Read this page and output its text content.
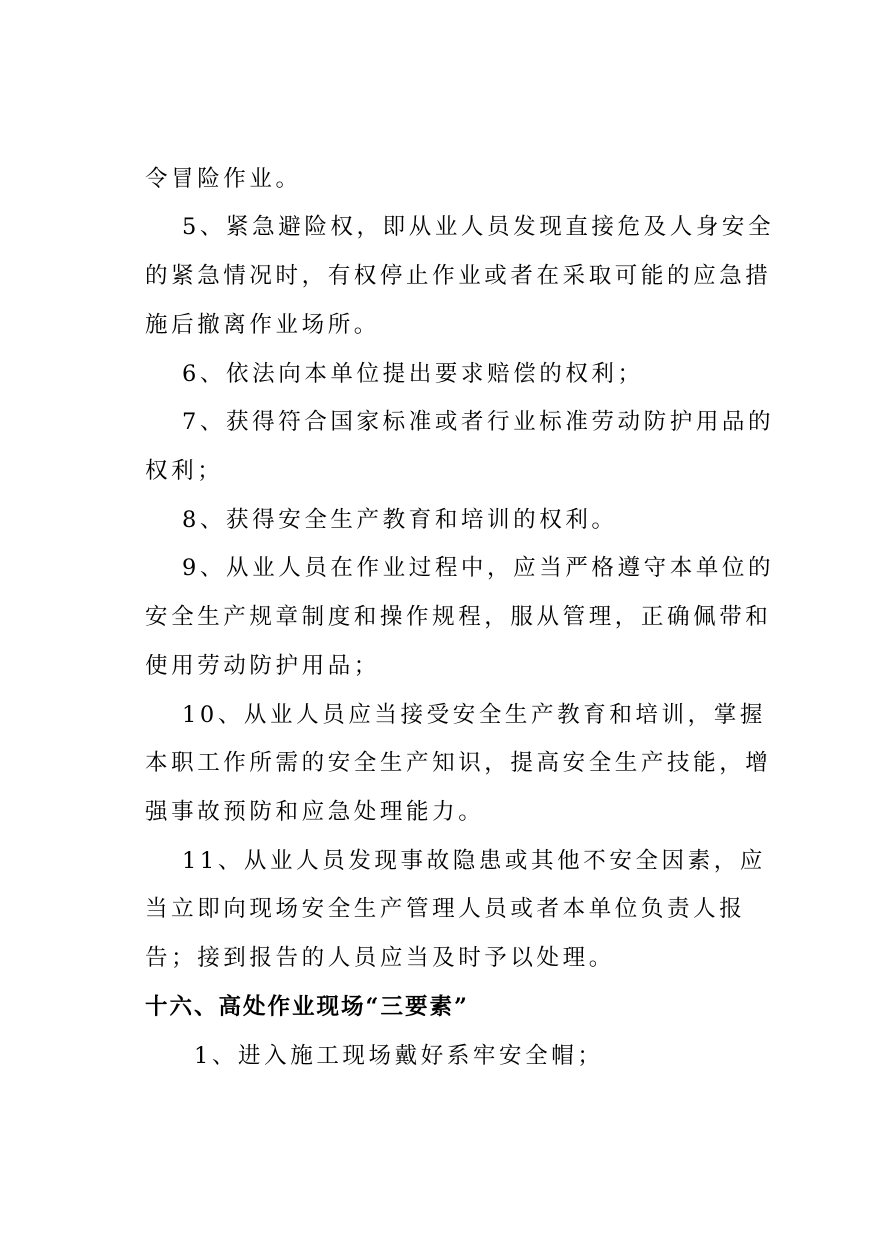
令冒险作业。
5、紧急避险权，即从业人员发现直接危及人身安全
的紧急情况时，有权停止作业或者在采取可能的应急措
施后撤离作业场所。
6、依法向本单位提出要求赔偿的权利；
7、获得符合国家标准或者行业标准劳动防护用品的
权利；
8、获得安全生产教育和培训的权利。
9、从业人员在作业过程中，应当严格遵守本单位的
安全生产规章制度和操作规程，服从管理，正确佩带和
使用劳动防护用品；
10、从业人员应当接受安全生产教育和培训，掌握
本职工作所需的安全生产知识，提高安全生产技能，增
强事故预防和应急处理能力。
11、从业人员发现事故隐患或其他不安全因素，应
当立即向现场安全生产管理人员或者本单位负责人报
告；接到报告的人员应当及时予以处理。
十六、高处作业现场“三要素”
1、进入施工现场戴好系牢安全帽；
